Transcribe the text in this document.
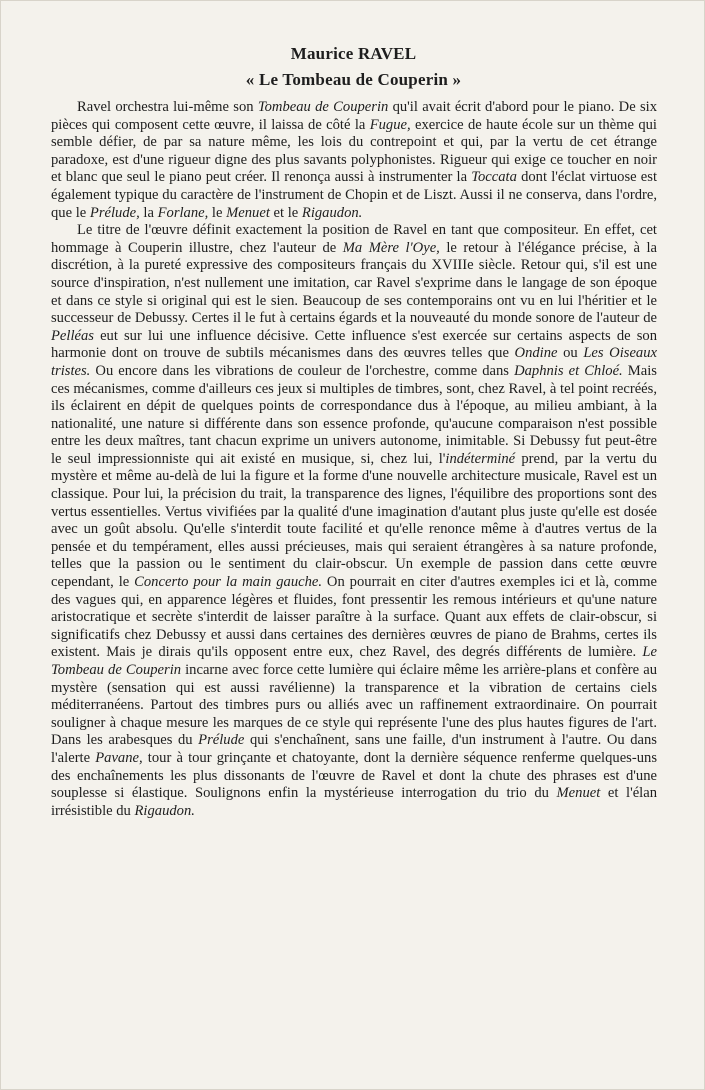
Maurice RAVEL
« Le Tombeau de Couperin »

Ravel orchestra lui-même son Tombeau de Couperin qu'il avait écrit d'abord pour le piano. De six pièces qui composent cette œuvre, il laissa de côté la Fugue, exercice de haute école sur un thème qui semble défier, de par sa nature même, les lois du contrepoint et qui, par la vertu de cet étrange paradoxe, est d'une rigueur digne des plus savants polyphonistes. Rigueur qui exige ce toucher en noir et blanc que seul le piano peut créer. Il renonça aussi à instrumenter la Toccata dont l'éclat virtuose est également typique du caractère de l'instrument de Chopin et de Liszt. Aussi il ne conserva, dans l'ordre, que le Prélude, la Forlane, le Menuet et le Rigaudon.

Le titre de l'œuvre définit exactement la position de Ravel en tant que compositeur. En effet, cet hommage à Couperin illustre, chez l'auteur de Ma Mère l'Oye, le retour à l'élégance précise, à la discrétion, à la pureté expressive des compositeurs français du XVIIIe siècle. Retour qui, s'il est une source d'inspiration, n'est nullement une imitation, car Ravel s'exprime dans le langage de son époque et dans ce style si original qui est le sien. Beaucoup de ses contemporains ont vu en lui l'héritier et le successeur de Debussy. Certes il le fut à certains égards et la nouveauté du monde sonore de l'auteur de Pelléas eut sur lui une influence décisive. Cette influence s'est exercée sur certains aspects de son harmonie dont on trouve de subtils mécanismes dans des œuvres telles que Ondine ou Les Oiseaux tristes. Ou encore dans les vibrations de couleur de l'orchestre, comme dans Daphnis et Chloé. Mais ces mécanismes, comme d'ailleurs ces jeux si multiples de timbres, sont, chez Ravel, à tel point recréés, ils éclairent en dépit de quelques points de correspondance dus à l'époque, au milieu ambiant, à la nationalité, une nature si différente dans son essence profonde, qu'aucune comparaison n'est possible entre les deux maîtres, tant chacun exprime un univers autonome, inimitable. Si Debussy fut peut-être le seul impressionniste qui ait existé en musique, si, chez lui, l'indéterminé prend, par la vertu du mystère et même au-delà de lui la figure et la forme d'une nouvelle architecture musicale, Ravel est un classique. Pour lui, la précision du trait, la transparence des lignes, l'équilibre des proportions sont des vertus essentielles. Vertus vivifiées par la qualité d'une imagination d'autant plus juste qu'elle est dosée avec un goût absolu. Qu'elle s'interdit toute facilité et qu'elle renonce même à d'autres vertus de la pensée et du tempérament, elles aussi précieuses, mais qui seraient étrangères à sa nature profonde, telles que la passion ou le sentiment du clair-obscur. Un exemple de passion dans cette œuvre cependant, le Concerto pour la main gauche. On pourrait en citer d'autres exemples ici et là, comme des vagues qui, en apparence légères et fluides, font pressentir les remous intérieurs et qu'une nature aristocratique et secrète s'interdit de laisser paraître à la surface. Quant aux effets de clair-obscur, si significatifs chez Debussy et aussi dans certaines des dernières œuvres de piano de Brahms, certes ils existent. Mais je dirais qu'ils opposent entre eux, chez Ravel, des degrés différents de lumière. Le Tombeau de Couperin incarne avec force cette lumière qui éclaire même les arrière-plans et confère au mystère (sensation qui est aussi ravélienne) la transparence et la vibration de certains ciels méditerranéens. Partout des timbres purs ou alliés avec un raffinement extraordinaire. On pourrait souligner à chaque mesure les marques de ce style qui représente l'une des plus hautes figures de l'art. Dans les arabesques du Prélude qui s'enchaînent, sans une faille, d'un instrument à l'autre. Ou dans l'alerte Pavane, tour à tour grinçante et chatoyante, dont la dernière séquence renferme quelques-uns des enchaînements les plus dissonants de l'œuvre de Ravel et dont la chute des phrases est d'une souplesse si élastique. Soulignons enfin la mystérieuse interrogation du trio du Menuet et l'élan irrésistible du Rigaudon.
